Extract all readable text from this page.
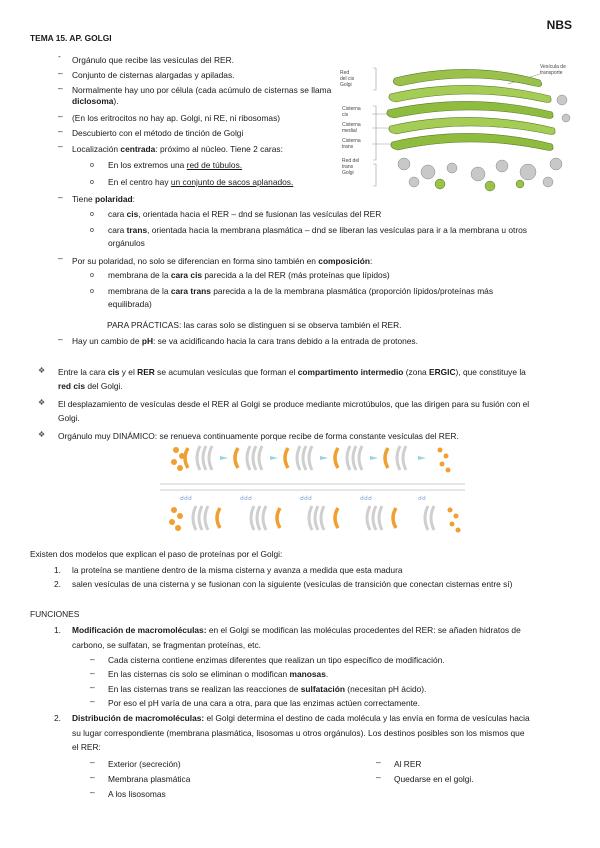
NBS
TEMA 15. AP. GOLGI
- Orgánulo que recibe las vesículas del RER.
– Conjunto de cisternas alargadas y apiladas.
– Normalmente hay uno por célula (cada acúmulo de cisternas se llama diclosoma).
– (En los eritrocitos no hay ap. Golgi, ni RE, ni ribosomas)
– Descubierto con el método de tinción de Golgi
– Localización centrada: próximo al núcleo. Tiene 2 caras:
o En los extremos una red de túbulos.
o En el centro hay un conjunto de sacos aplanados.
– Tiene polaridad:
o cara cis, orientada hacia el RER – dnd se fusionan las vesículas del RER
o cara trans, orientada hacia la membrana plasmática – dnd se liberan las vesículas para ir a la membrana u otros
orgánulos
– Por su polaridad, no solo se diferencian en forma sino también en composición:
o membrana de la cara cis parecida a la del RER (más proteínas que lípidos)
o membrana de la cara trans parecida a la de la membrana plasmática (proporción lípidos/proteínas más
equilibrada)
PARA PRÁCTICAS: las caras solo se distinguen si se observa también el RER.
– Hay un cambio de pH: se va acidificando hacia la cara trans debido a la entrada de protones.
❖ Entre la cara cis y el RER se acumulan vesículas que forman el compartimento intermedio (zona ERGIC), que constituye la
red cis del Golgi.
❖ El desplazamiento de vesículas desde el RER al Golgi se produce mediante microtúbulos, que las dirigen para su fusión con el
Golgi.
❖ Orgánulo muy DINÁMICO: se renueva continuamente porque recibe de forma constante vesículas del RER.
Red del cis Golgi
Cisterna cis
Cisterna medial
Cisterna trans
Red del trans Golgi
Vesícula de transporte
☌☌☌	☌☌☌	☌☌☌	☌☌☌	☌☌
Existen dos modelos que explican el paso de proteínas por el Golgi:
1. la proteína se mantiene dentro de la misma cisterna y avanza a medida que esta madura
2. salen vesículas de una cisterna y se fusionan con la siguiente (vesículas de transición que conectan cisternas entre sí)
FUNCIONES
1. Modificación de macromoléculas: en el Golgi se modifican las moléculas procedentes del RER: se añaden hidratos de
carbono, se sulfatan, se fragmentan proteínas, etc.
– Cada cisterna contiene enzimas diferentes que realizan un tipo específico de modificación.
– En las cisternas cis solo se eliminan o modifican manosas.
– En las cisternas trans se realizan las reacciones de sulfatación (necesitan pH ácido).
– Por eso el pH varía de una cara a otra, para que las enzimas actúen correctamente.
2. Distribución de macromoléculas: el Golgi determina el destino de cada molécula y las envía en forma de vesículas hacia
su lugar correspondiente (membrana plasmática, lisosomas u otros orgánulos). Los destinos posibles son los mismos que
el RER:
– Exterior (secreción)
– Membrana plasmática
– A los lisosomas
– Al RER
– Quedarse en el golgi.
